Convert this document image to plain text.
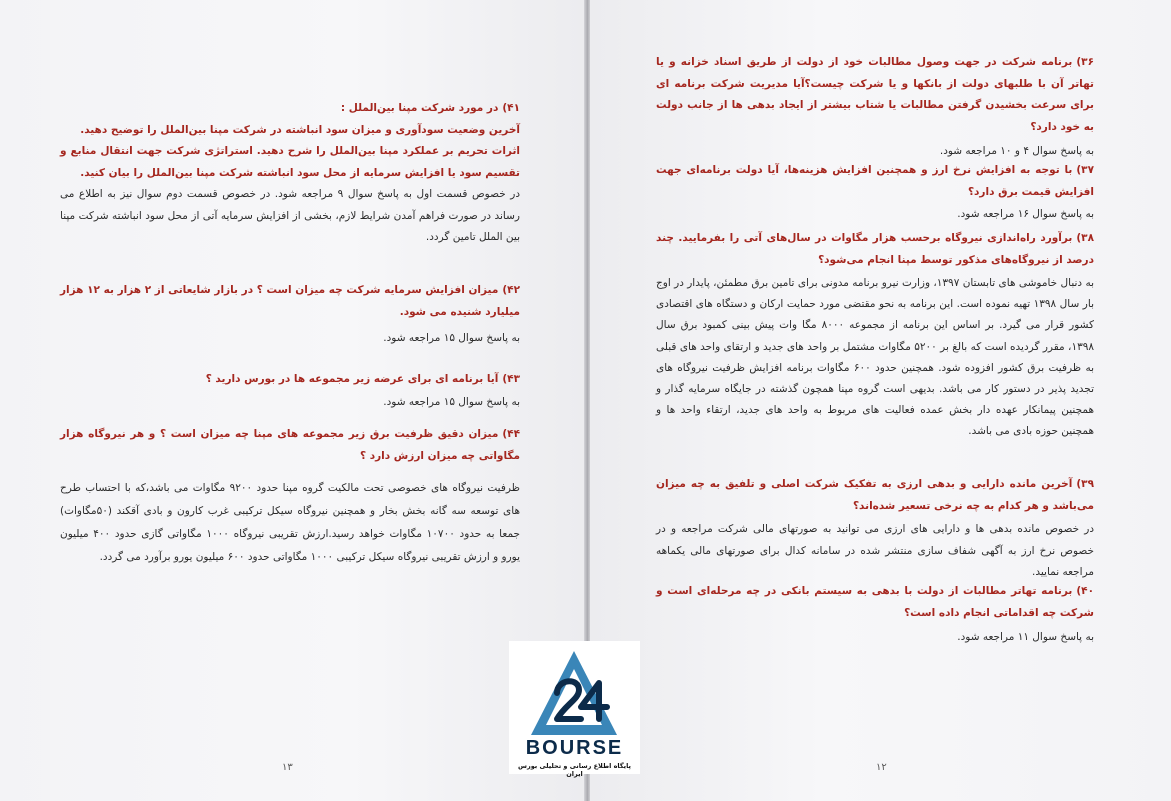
۴۱)در مورد شرکت مپنا بین‌الملل :
آخرین وضعیت سودآوری و میزان سود انباشته در شرکت مپنا بین‌الملل را توضیح دهید.
اثرات تحریم بر عملکرد مپنا بین‌الملل را شرح دهید. استراتژی شرکت جهت انتقال منابع و تقسیم سود یا افزایش سرمایه از محل سود انباشته شرکت مپنا بین‌الملل را بیان کنید.
در خصوص قسمت اول به پاسخ سوال ۹ مراجعه شود. در خصوص قسمت دوم سوال نیز به اطلاع می رساند در صورت فراهم آمدن شرایط لازم، بخشی از افزایش سرمایه آتی از محل سود انباشته شرکت مپنا بین الملل تامین گردد.
۴۲)میزان افزایش سرمایه شرکت چه میزان است ؟ در بازار شایعاتی از ۲ هزار به ۱۲ هزار میلیارد شنیده می شود.
به پاسخ سوال ۱۵ مراجعه شود.
۴۳)آیا برنامه ای برای عرضه زیر مجموعه ها در بورس دارید ؟
به پاسخ سوال ۱۵ مراجعه شود.
۴۴)میزان دقیق ظرفیت برق زیر مجموعه های مپنا چه میزان است ؟ و هر نیروگاه هزار مگاواتی چه میزان ارزش دارد ؟
ظرفیت نیروگاه های خصوصی تحت مالکیت گروه مپنا حدود ۹۲۰۰ مگاوات می باشد،که با احتساب طرح های توسعه سه گانه بخش بخار و همچنین نیروگاه سیکل ترکیبی غرب کارون و بادی آقکند (۵۰مگاوات) جمعا به حدود ۱۰۷۰۰ مگاوات خواهد رسید.ارزش تقریبی نیروگاه ۱۰۰۰ مگاواتی گازی حدود ۴۰۰ میلیون یورو و ارزش تقریبی نیروگاه سیکل ترکیبی ۱۰۰۰ مگاواتی حدود ۶۰۰ میلیون یورو برآورد می گردد.
۱۳
۳۶)برنامه شرکت در جهت وصول مطالبات خود از دولت از طریق اسناد خزانه و یا تهاتر آن با طلبهای دولت از بانکها و یا شرکت چیست؟آیا مدیریت شرکت برنامه ای برای سرعت بخشیدن گرفتن مطالبات یا شتاب بیشتر از ایجاد بدهی ها از جانب دولت به خود دارد؟
به پاسخ سوال ۴ و ۱۰ مراجعه شود.
۳۷)با توجه به افزایش نرخ ارز و همچنین افزایش هزینه‌ها، آیا دولت برنامه‌ای جهت افزایش قیمت برق دارد؟
به پاسخ سوال ۱۶ مراجعه شود.
۳۸)برآورد راه‌اندازی نیروگاه برحسب هزار مگاوات در سال‌های آتی را بفرمایید. چند درصد از نیروگاه‌های مذکور توسط مپنا انجام می‌شود؟
به دنبال خاموشی های تابستان ۱۳۹۷، وزارت نیرو برنامه مدونی برای تامین برق مطمئن، پایدار در اوج بار سال ۱۳۹۸ تهیه نموده است. این برنامه به نحو مقتضی مورد حمایت ارکان و دستگاه های اقتصادی کشور قرار می گیرد. بر اساس این برنامه از مجموعه ۸۰۰۰ مگا وات پیش بینی کمبود برق سال ۱۳۹۸، مقرر گردیده است که بالغ بر ۵۲۰۰ مگاوات مشتمل بر واحد های جدید و ارتقای واحد های قبلی به ظرفیت برق کشور افزوده شود. همچنین حدود ۶۰۰ مگاوات برنامه افزایش ظرفیت نیروگاه های تجدید پذیر در دستور کار می باشد. بدیهی است گروه مپنا همچون گذشته در جایگاه سرمایه گذار و همچنین پیمانکار عهده دار بخش عمده فعالیت های مربوط به واحد های جدید، ارتقاء واحد ها و همچنین حوزه بادی می باشد.
۳۹)آخرین مانده دارایی و بدهی ارزی به تفکیک شرکت اصلی و تلفیق به چه میزان می‌باشد و هر کدام به چه نرخی تسعیر شده‌اند؟
در خصوص مانده بدهی ها و دارایی های ارزی می توانید به صورتهای مالی شرکت مراجعه و در خصوص نرخ ارز به آگهی شفاف سازی منتشر شده در سامانه کدال برای صورتهای مالی یکماهه مراجعه نمایید.
۴۰)برنامه تهاتر مطالبات از دولت با بدهی به سیستم بانکی در چه مرحله‌ای است و شرکت چه اقداماتی انجام داده است؟
به پاسخ سوال ۱۱ مراجعه شود.
۱۲
BOURSE
پایگاه اطلاع رسانی و تحلیلی بورس ایران
